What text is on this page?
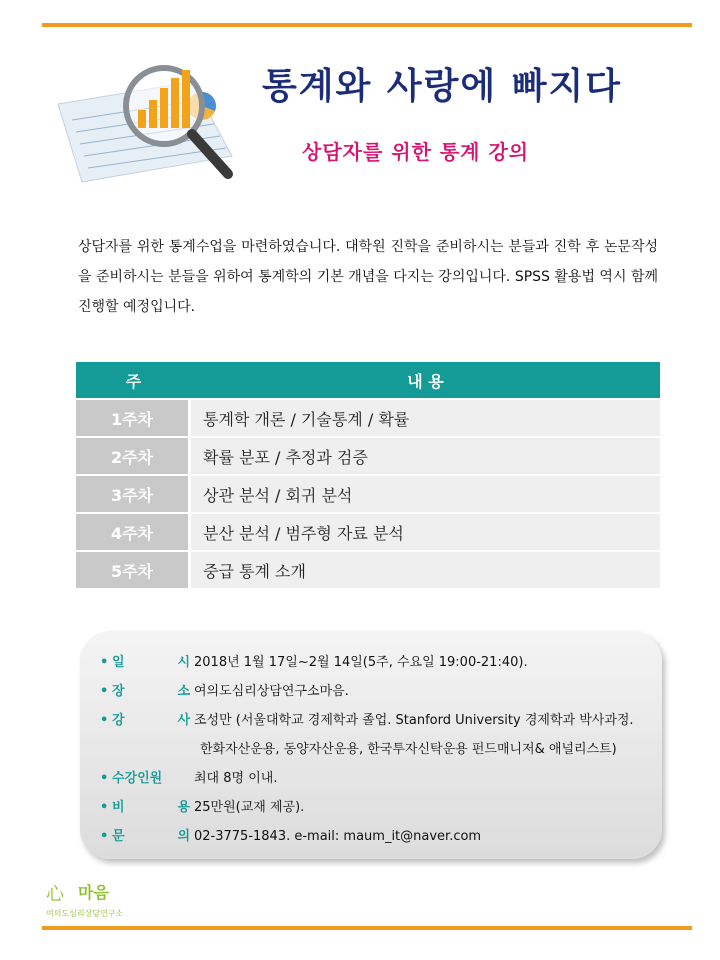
통계와 사랑에 빠지다
상담자를 위한 통계 강의

상담자를 위한 통계수업을 마련하였습니다. 대학원 진학을 준비하시는 분들과 진학 후 논문작성을 준비하시는 분들을 위하여 통계학의 기본 개념을 다지는 강의입니다. SPSS 활용법 역시 함께 진행할 예정입니다.

주	내 용
1주차	통계학 개론 / 기술통계 / 확률
2주차	확률 분포 / 추정과 검증
3주차	상관 분석 / 회귀 분석
4주차	분산 분석 / 범주형 자료 분석
5주차	중급 통계 소개
• 일	시 2018년 1월 17일~2월 14일(5주, 수요일 19:00-21:40).
• 장	소 여의도심리상담연구소마음.
• 강	사 조성만 (서울대학교 경제학과 졸업. Stanford University 경제학과 박사과정.
한화자산운용, 동양자산운용, 한국투자신탁운용 펀드매니저& 애널리스트)
• 수강인원	최대 8명 이내.
• 비	용 25만원(교재 제공).
• 문	의 02-3775-1843. e-mail: maum_it@naver.com
心 마음
여의도심리상담연구소
